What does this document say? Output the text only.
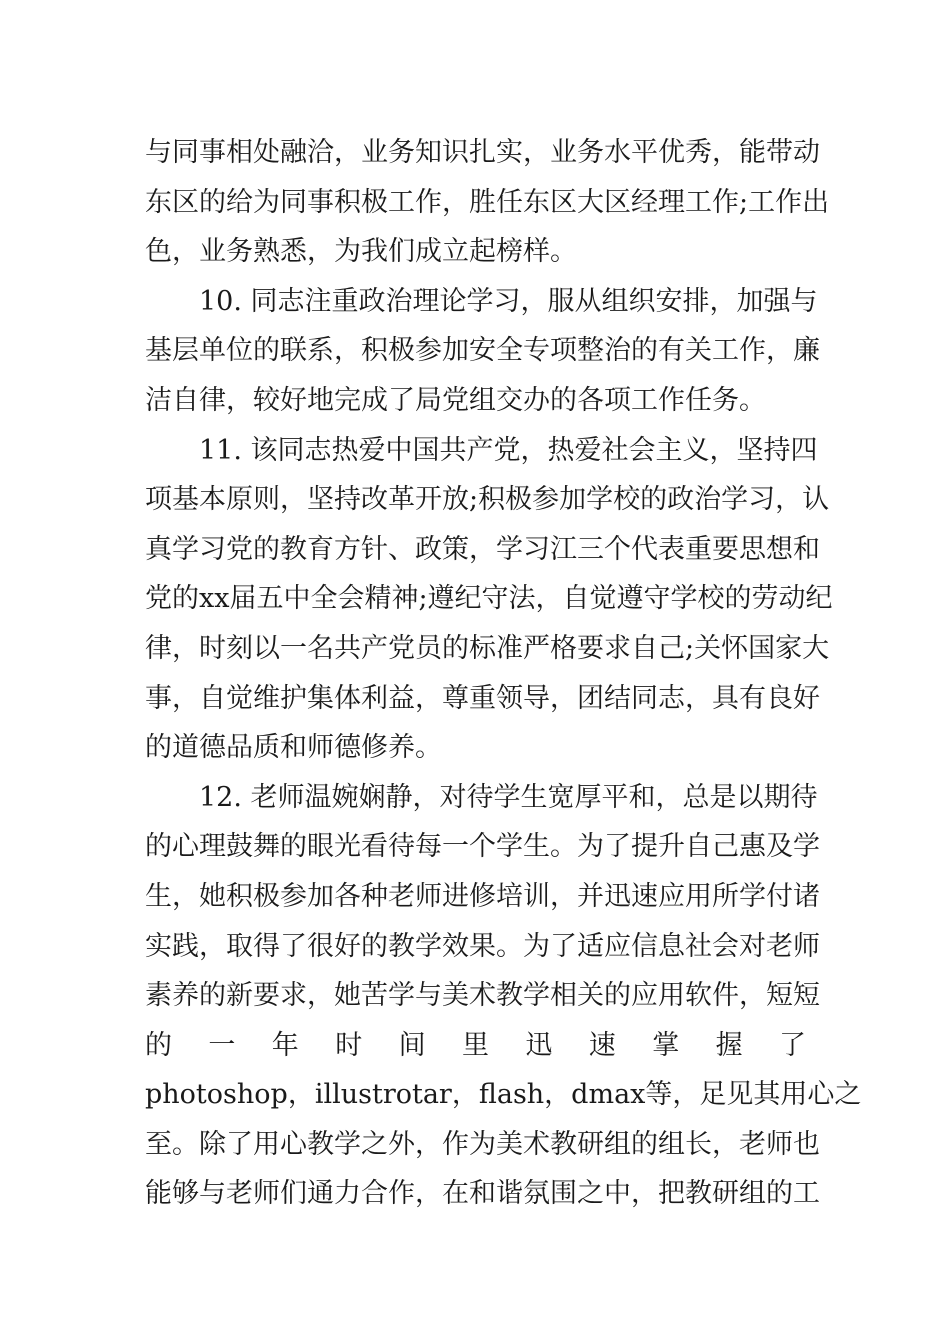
与同事相处融洽，业务知识扎实，业务水平优秀，能带动
东区的给为同事积极工作，胜任东区大区经理工作;工作出
色，业务熟悉，为我们成立起榜样。
10. 同志注重政治理论学习，服从组织安排，加强与
基层单位的联系，积极参加安全专项整治的有关工作，廉
洁自律，较好地完成了局党组交办的各项工作任务。
11. 该同志热爱中国共产党，热爱社会主义，坚持四
项基本原则，坚持改革开放;积极参加学校的政治学习，认
真学习党的教育方针、政策，学习江三个代表重要思想和
党的xx届五中全会精神;遵纪守法，自觉遵守学校的劳动纪
律，时刻以一名共产党员的标准严格要求自己;关怀国家大
事，自觉维护集体利益，尊重领导，团结同志，具有良好
的道德品质和师德修养。
12. 老师温婉娴静，对待学生宽厚平和，总是以期待
的心理鼓舞的眼光看待每一个学生。为了提升自己惠及学
生，她积极参加各种老师进修培训，并迅速应用所学付诸
实践，取得了很好的教学效果。为了适应信息社会对老师
素养的新要求，她苦学与美术教学相关的应用软件，短短
的 一 年 时 间 里 迅 速 掌 握 了
photoshop，illustrotar，flash，dmax等，足见其用心之
至。除了用心教学之外，作为美术教研组的组长，老师也
能够与老师们通力合作，在和谐氛围之中，把教研组的工
